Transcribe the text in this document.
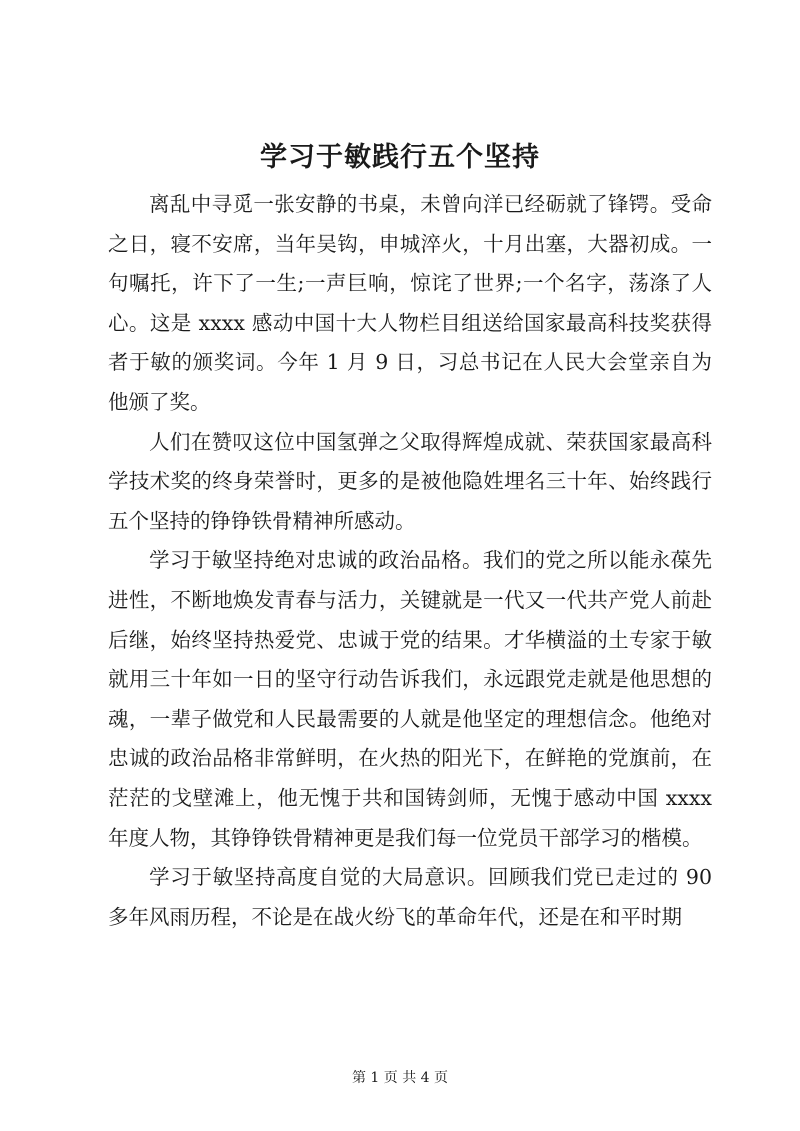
学习于敏践行五个坚持

离乱中寻觅一张安静的书桌，未曾向洋已经砺就了锋锷。受命之日，寝不安席，当年吴钩，申城淬火，十月出塞，大器初成。一句嘱托，许下了一生;一声巨响，惊诧了世界;一个名字，荡涤了人心。这是 xxxx 感动中国十大人物栏目组送给国家最高科技奖获得者于敏的颁奖词。今年 1 月 9 日，习总书记在人民大会堂亲自为他颁了奖。

人们在赞叹这位中国氢弹之父取得辉煌成就、荣获国家最高科学技术奖的终身荣誉时，更多的是被他隐姓埋名三十年、始终践行五个坚持的铮铮铁骨精神所感动。

学习于敏坚持绝对忠诚的政治品格。我们的党之所以能永葆先进性，不断地焕发青春与活力，关键就是一代又一代共产党人前赴后继，始终坚持热爱党、忠诚于党的结果。才华横溢的土专家于敏就用三十年如一日的坚守行动告诉我们，永远跟党走就是他思想的魂，一辈子做党和人民最需要的人就是他坚定的理想信念。他绝对忠诚的政治品格非常鲜明，在火热的阳光下，在鲜艳的党旗前，在茫茫的戈壁滩上，他无愧于共和国铸剑师，无愧于感动中国 xxxx 年度人物，其铮铮铁骨精神更是我们每一位党员干部学习的楷模。

学习于敏坚持高度自觉的大局意识。回顾我们党已走过的 90 多年风雨历程，不论是在战火纷飞的革命年代，还是在和平时期

第 1 页 共 4 页
